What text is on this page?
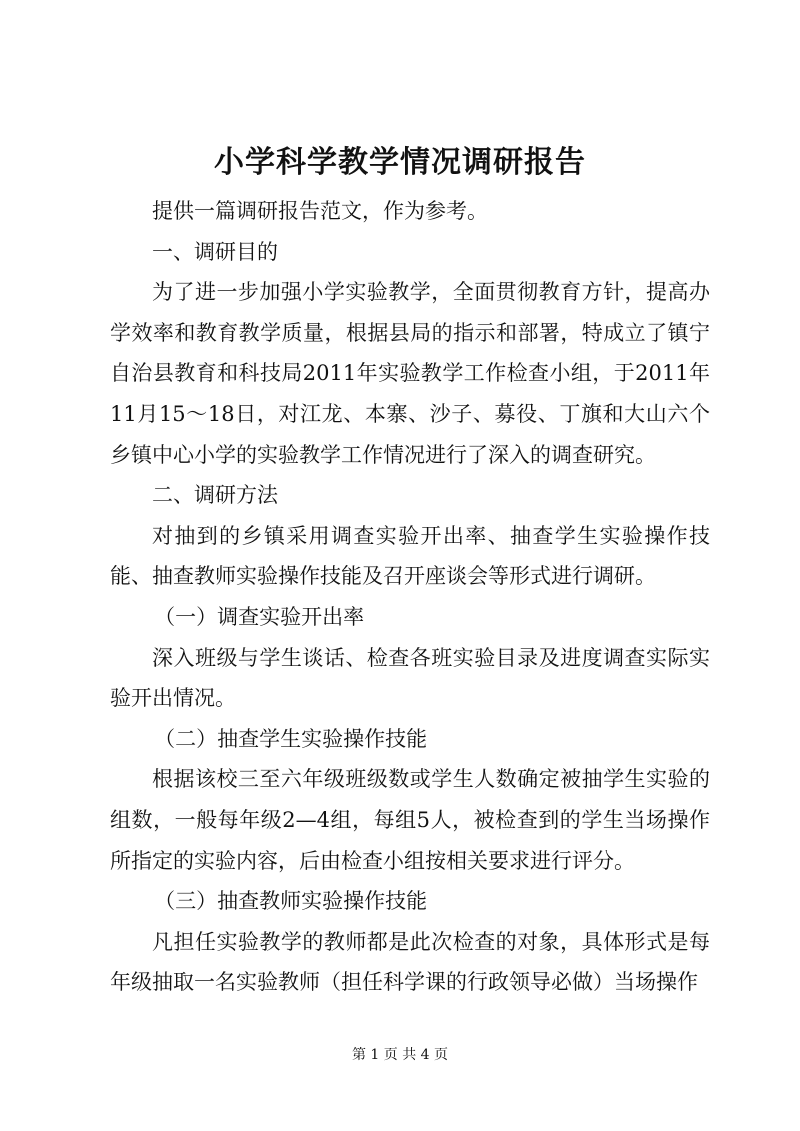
小学科学教学情况调研报告

提供一篇调研报告范文，作为参考。

一、调研目的

为了进一步加强小学实验教学，全面贯彻教育方针，提高办学效率和教育教学质量，根据县局的指示和部署，特成立了镇宁自治县教育和科技局2011年实验教学工作检查小组，于2011年11月15～18日，对江龙、本寨、沙子、募役、丁旗和大山六个乡镇中心小学的实验教学工作情况进行了深入的调查研究。

二、调研方法

对抽到的乡镇采用调查实验开出率、抽查学生实验操作技能、抽查教师实验操作技能及召开座谈会等形式进行调研。

（一）调查实验开出率

深入班级与学生谈话、检查各班实验目录及进度调查实际实验开出情况。

（二）抽查学生实验操作技能

根据该校三至六年级班级数或学生人数确定被抽学生实验的组数，一般每年级2—4组，每组5人，被检查到的学生当场操作所指定的实验内容，后由检查小组按相关要求进行评分。

（三）抽查教师实验操作技能

凡担任实验教学的教师都是此次检查的对象，具体形式是每年级抽取一名实验教师（担任科学课的行政领导必做）当场操作

第 1 页 共 4 页
